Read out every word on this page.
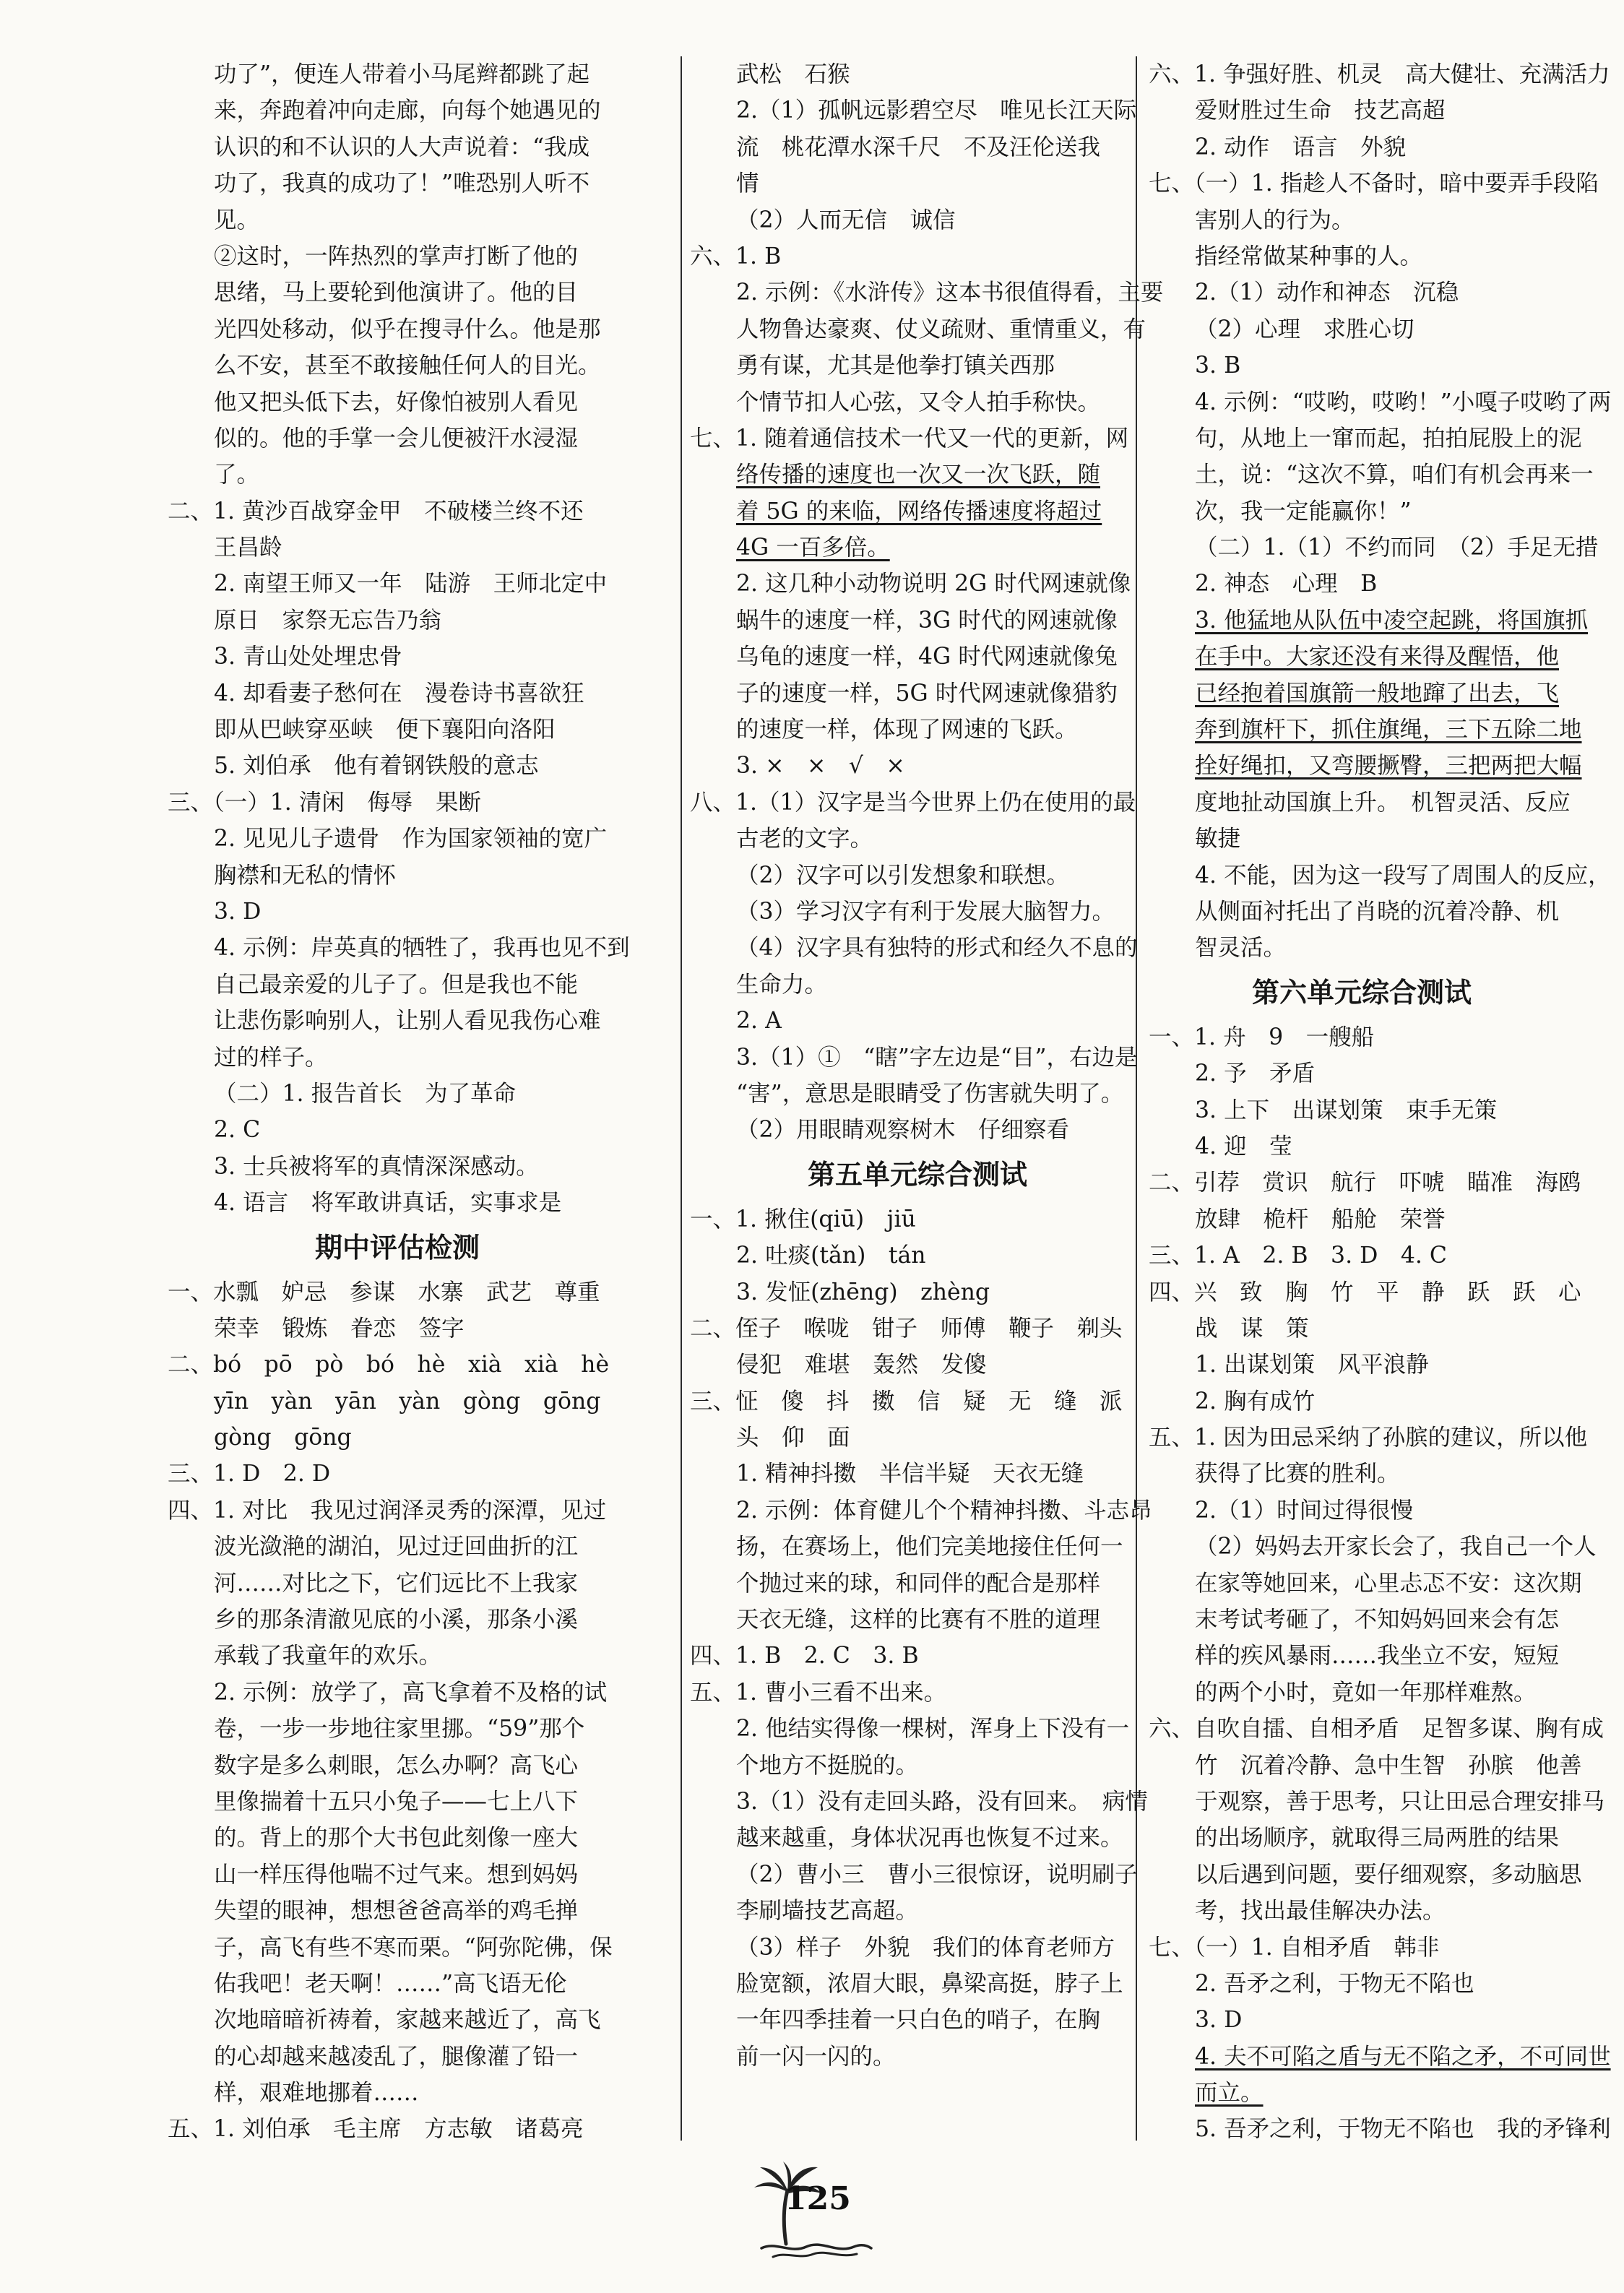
功了”，便连人带着小马尾辫都跳了起
来，奔跑着冲向走廊，向每个她遇见的
认识的和不认识的人大声说着：“我成
功了，我真的成功了！”唯恐别人听不
见。
②这时，一阵热烈的掌声打断了他的
思绪，马上要轮到他演讲了。他的目
光四处移动，似乎在搜寻什么。他是那
么不安，甚至不敢接触任何人的目光。
他又把头低下去，好像怕被别人看见
似的。他的手掌一会儿便被汗水浸湿
了。
二、1. 黄沙百战穿金甲　不破楼兰终不还
王昌龄
2. 南望王师又一年　陆游　王师北定中
原日　家祭无忘告乃翁
3. 青山处处埋忠骨
4. 却看妻子愁何在　漫卷诗书喜欲狂
即从巴峡穿巫峡　便下襄阳向洛阳
5. 刘伯承　他有着钢铁般的意志
三、（一）1. 清闲　侮辱　果断
2. 见见儿子遗骨　作为国家领袖的宽广
胸襟和无私的情怀
3. D
4. 示例：岸英真的牺牲了，我再也见不到
自己最亲爱的儿子了。但是我也不能
让悲伤影响别人，让别人看见我伤心难
过的样子。
（二）1. 报告首长　为了革命
2. C
3. 士兵被将军的真情深深感动。
4. 语言　将军敢讲真话，实事求是
期中评估检测
一、水瓢　妒忌　参谋　水寨　武艺　尊重
荣幸　锻炼　眷恋　签字
二、bó　pō　pò　bó　hè　xià　xià　hè
yīn　yàn　yān　yàn　gòng　gōng
gòng　gōng
三、1. D　2. D
四、1. 对比　我见过润泽灵秀的深潭，见过
波光潋滟的湖泊，见过迂回曲折的江
河……对比之下，它们远比不上我家
乡的那条清澈见底的小溪，那条小溪
承载了我童年的欢乐。
2. 示例：放学了，高飞拿着不及格的试
卷，一步一步地往家里挪。“59”那个
数字是多么刺眼，怎么办啊？高飞心
里像揣着十五只小兔子——七上八下
的。背上的那个大书包此刻像一座大
山一样压得他喘不过气来。想到妈妈
失望的眼神，想想爸爸高举的鸡毛掸
子，高飞有些不寒而栗。“阿弥陀佛，保
佑我吧！老天啊！……”高飞语无伦
次地暗暗祈祷着，家越来越近了，高飞
的心却越来越凌乱了，腿像灌了铅一
样，艰难地挪着……
五、1. 刘伯承　毛主席　方志敏　诸葛亮
武松　石猴
2.（1）孤帆远影碧空尽　唯见长江天际
流　桃花潭水深千尺　不及汪伦送我
情
（2）人而无信　诚信
六、1. B
2. 示例：《水浒传》这本书很值得看，主要
人物鲁达豪爽、仗义疏财、重情重义，有
勇有谋，尤其是他拳打镇关西那
个情节扣人心弦，又令人拍手称快。
七、1. 随着通信技术一代又一代的更新，网
络传播的速度也一次又一次飞跃，随
着 5G 的来临，网络传播速度将超过
4G 一百多倍。
2. 这几种小动物说明 2G 时代网速就像
蜗牛的速度一样，3G 时代的网速就像
乌龟的速度一样，4G 时代网速就像兔
子的速度一样，5G 时代网速就像猎豹
的速度一样，体现了网速的飞跃。
3. ×　×　√　×
八、1.（1）汉字是当今世界上仍在使用的最
古老的文字。
（2）汉字可以引发想象和联想。
（3）学习汉字有利于发展大脑智力。
（4）汉字具有独特的形式和经久不息的
生命力。
2. A
3.（1）①　“瞎”字左边是“目”，右边是
“害”，意思是眼睛受了伤害就失明了。
（2）用眼睛观察树木　仔细察看
第五单元综合测试
一、1. 揪住(qiū)　jiū
2. 吐痰(tǎn)　tán
3. 发怔(zhēng)　zhèng
二、侄子　喉咙　钳子　师傅　鞭子　剃头
侵犯　难堪　轰然　发傻
三、怔　傻　抖　擞　信　疑　无　缝　派
头　仰　面
1. 精神抖擞　半信半疑　天衣无缝
2. 示例：体育健儿个个精神抖擞、斗志昂
扬，在赛场上，他们完美地接住任何一
个抛过来的球，和同伴的配合是那样
天衣无缝，这样的比赛有不胜的道理
四、1. B　2. C　3. B
五、1. 曹小三看不出来。
2. 他结实得像一棵树，浑身上下没有一
个地方不挺脱的。
3.（1）没有走回头路，没有回来。　病情
越来越重，身体状况再也恢复不过来。
（2）曹小三　曹小三很惊讶，说明刷子
李刷墙技艺高超。
（3）样子　外貌　我们的体育老师方
脸宽额，浓眉大眼，鼻梁高挺，脖子上
一年四季挂着一只白色的哨子，在胸
前一闪一闪的。
六、1. 争强好胜、机灵　高大健壮、充满活力
爱财胜过生命　技艺高超
2. 动作　语言　外貌
七、（一）1. 指趁人不备时，暗中要弄手段陷
害别人的行为。
指经常做某种事的人。
2.（1）动作和神态　沉稳
（2）心理　求胜心切
3. B
4. 示例：“哎哟，哎哟！”小嘎子哎哟了两
句，从地上一窜而起，拍拍屁股上的泥
土，说：“这次不算，咱们有机会再来一
次，我一定能赢你！”
（二）1.（1）不约而同　（2）手足无措
2. 神态　心理　B
3. 他猛地从队伍中凌空起跳，将国旗抓
在手中。大家还没有来得及醒悟，他
已经抱着国旗箭一般地蹿了出去，飞
奔到旗杆下，抓住旗绳，三下五除二地
拴好绳扣，又弯腰撅臀，三把两把大幅
度地扯动国旗上升。　机智灵活、反应
敏捷
4. 不能，因为这一段写了周围人的反应，
从侧面衬托出了肖晓的沉着冷静、机
智灵活。
第六单元综合测试
一、1. 舟　9　一艘船
2. 予　矛盾
3. 上下　出谋划策　束手无策
4. 迎　莹
二、引荐　赏识　航行　吓唬　瞄准　海鸥
放肆　桅杆　船舱　荣誉
三、1. A　2. B　3. D　4. C
四、兴　致　胸　竹　平　静　跃　跃　心
战　谋　策
1. 出谋划策　风平浪静
2. 胸有成竹
五、1. 因为田忌采纳了孙膑的建议，所以他
获得了比赛的胜利。
2.（1）时间过得很慢
（2）妈妈去开家长会了，我自己一个人
在家等她回来，心里忐忑不安：这次期
末考试考砸了，不知妈妈回来会有怎
样的疾风暴雨……我坐立不安，短短
的两个小时，竟如一年那样难熬。
六、自吹自擂、自相矛盾　足智多谋、胸有成
竹　沉着冷静、急中生智　孙膑　他善
于观察，善于思考，只让田忌合理安排马
的出场顺序，就取得三局两胜的结果
以后遇到问题，要仔细观察，多动脑思
考，找出最佳解决办法。
七、（一）1. 自相矛盾　韩非
2. 吾矛之利，于物无不陷也
3. D
4. 夫不可陷之盾与无不陷之矛，不可同世
而立。
5. 吾矛之利，于物无不陷也　我的矛锋利
125
